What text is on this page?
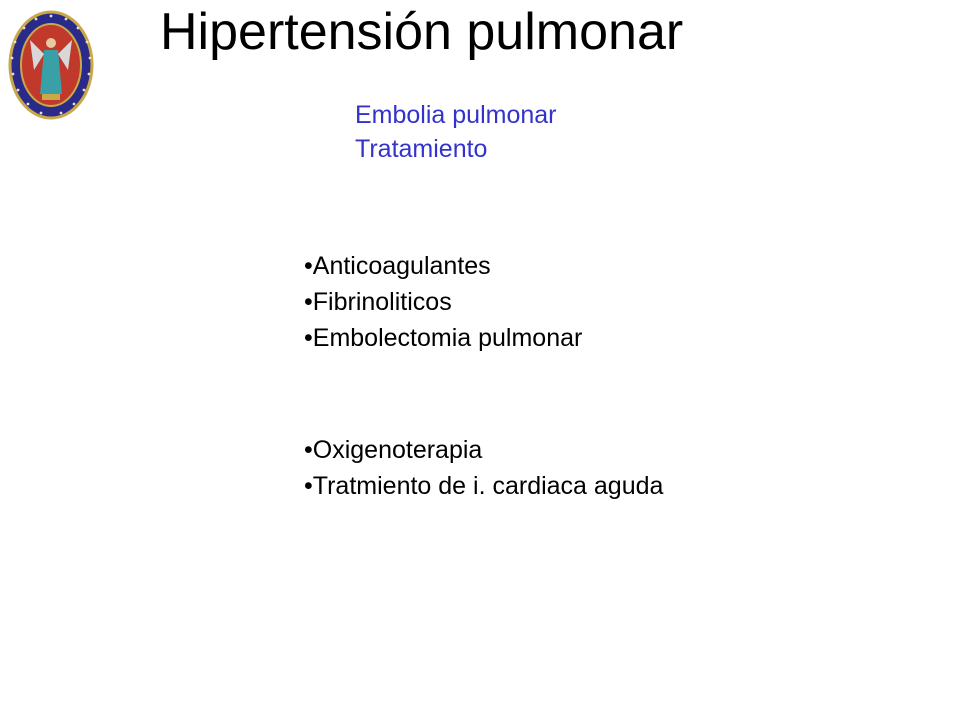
Hipertensión pulmonar
Embolia pulmonar
Tratamiento
• Anticoagulantes
• Fibrinoliticos
• Embolectomia pulmonar
• Oxigenoterapia
• Tratmiento de i. cardiaca aguda
